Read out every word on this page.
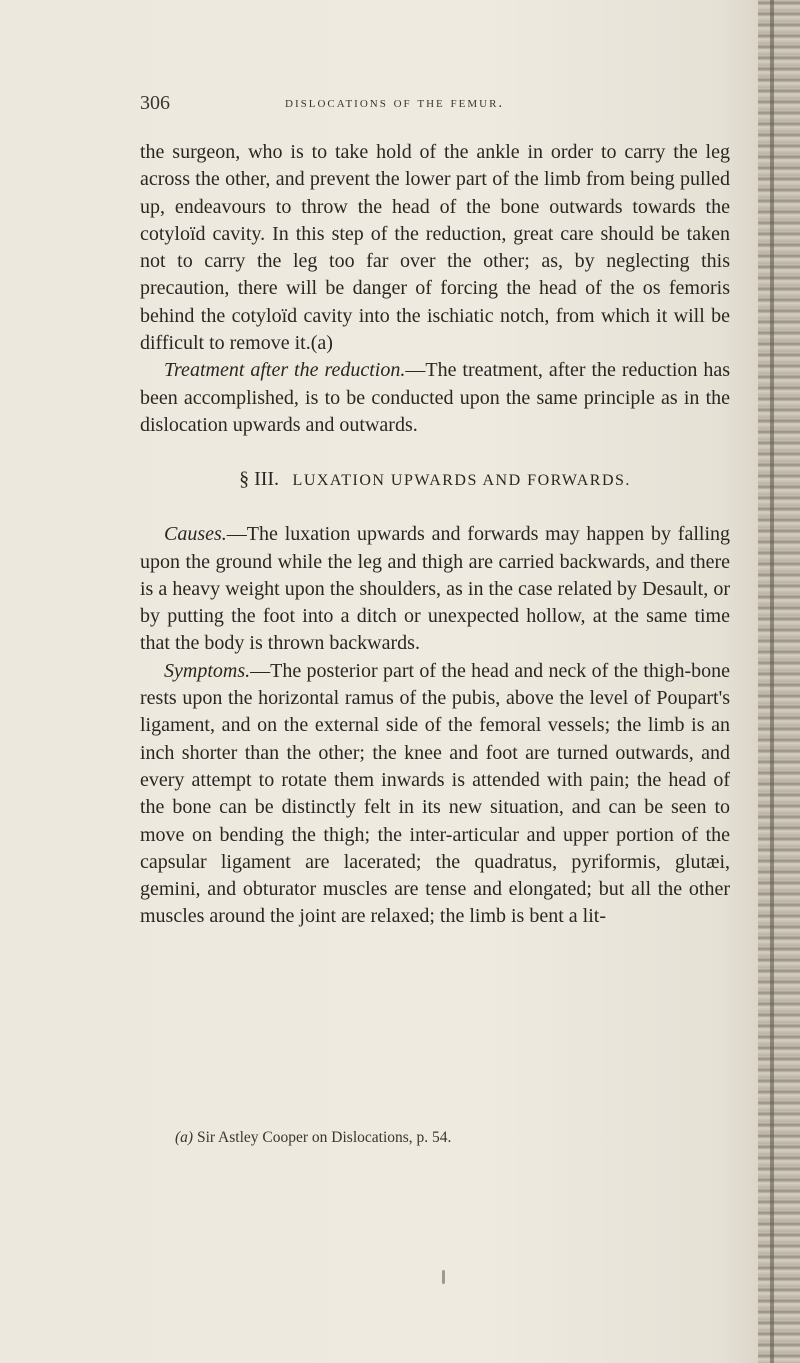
306	dislocations of the femur.

the surgeon, who is to take hold of the ankle in order to carry the leg across the other, and prevent the lower part of the limb from being pulled up, endeavours to throw the head of the bone outwards towards the cotyloïd cavity. In this step of the reduction, great care should be taken not to carry the leg too far over the other; as, by neglecting this precaution, there will be danger of forcing the head of the os femoris behind the cotyloïd cavity into the ischiatic notch, from which it will be difficult to remove it.(a)

Treatment after the reduction.—The treatment, after the reduction has been accomplished, is to be conducted upon the same principle as in the dislocation upwards and outwards.

§ III. LUXATION UPWARDS AND FORWARDS.

Causes.—The luxation upwards and forwards may happen by falling upon the ground while the leg and thigh are carried backwards, and there is a heavy weight upon the shoulders, as in the case related by Desault, or by putting the foot into a ditch or unexpected hollow, at the same time that the body is thrown backwards.

Symptoms.—The posterior part of the head and neck of the thigh-bone rests upon the horizontal ramus of the pubis, above the level of Poupart's ligament, and on the external side of the femoral vessels; the limb is an inch shorter than the other; the knee and foot are turned outwards, and every attempt to rotate them inwards is attended with pain; the head of the bone can be distinctly felt in its new situation, and can be seen to move on bending the thigh; the inter-articular and upper portion of the capsular ligament are lacerated; the quadratus, pyriformis, glutæi, gemini, and obturator muscles are tense and elongated; but all the other muscles around the joint are relaxed; the limb is bent a lit-

(a) Sir Astley Cooper on Dislocations, p. 54.
